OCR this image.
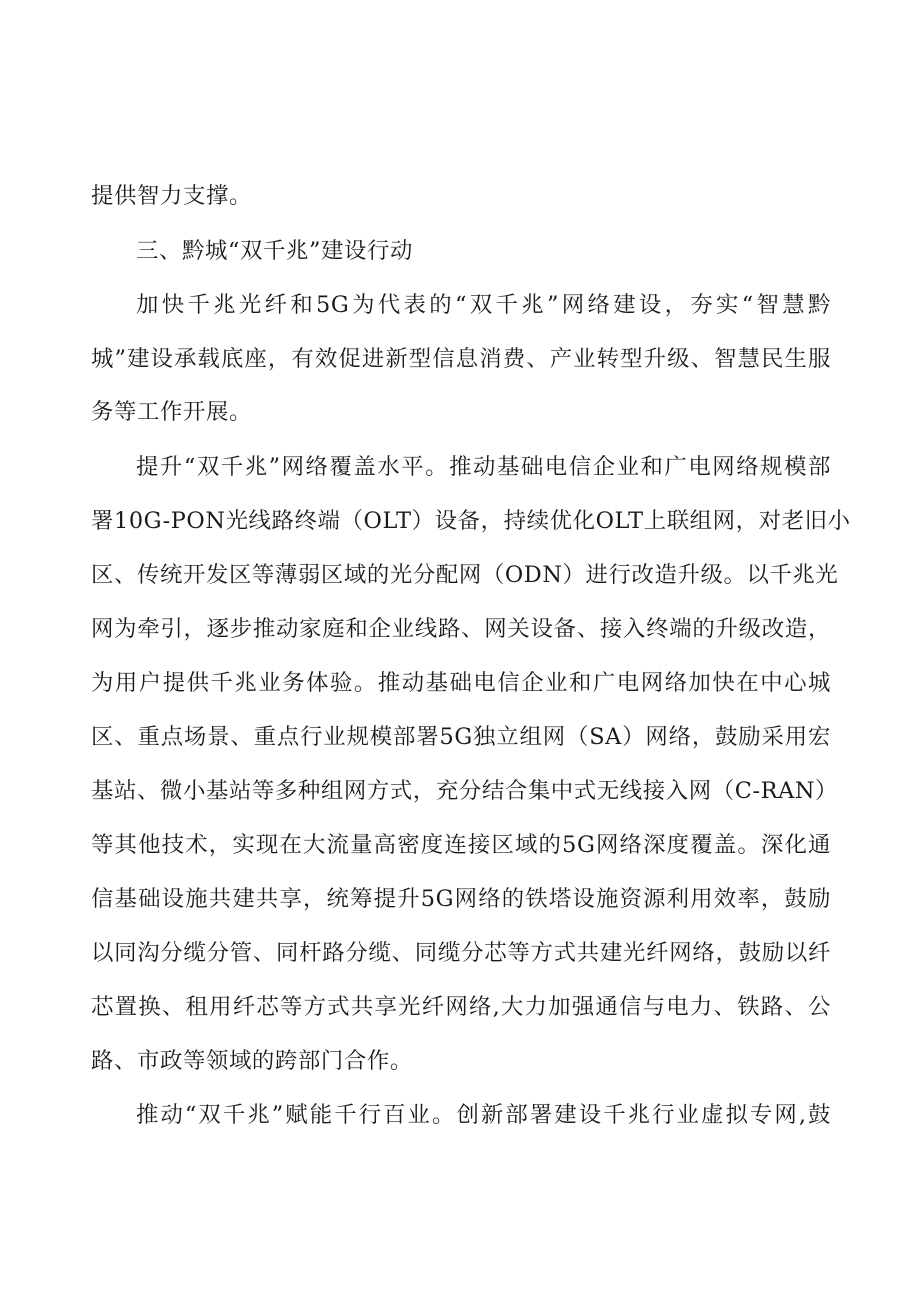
提供智力支撑。
三、黔城“双千兆”建设行动
加快千兆光纤和5G为代表的“双千兆”网络建设，夯实“智慧黔
城”建设承载底座，有效促进新型信息消费、产业转型升级、智慧民生服
务等工作开展。
提升“双千兆”网络覆盖水平。推动基础电信企业和广电网络规模部
署10G-PON光线路终端（OLT）设备，持续优化OLT上联组网，对老旧小
区、传统开发区等薄弱区域的光分配网（ODN）进行改造升级。以千兆光
网为牵引，逐步推动家庭和企业线路、网关设备、接入终端的升级改造，
为用户提供千兆业务体验。推动基础电信企业和广电网络加快在中心城
区、重点场景、重点行业规模部署5G独立组网（SA）网络，鼓励采用宏
基站、微小基站等多种组网方式，充分结合集中式无线接入网（C-RAN）
等其他技术，实现在大流量高密度连接区域的5G网络深度覆盖。深化通
信基础设施共建共享，统筹提升5G网络的铁塔设施资源利用效率，鼓励
以同沟分缆分管、同杆路分缆、同缆分芯等方式共建光纤网络，鼓励以纤
芯置换、租用纤芯等方式共享光纤网络,大力加强通信与电力、铁路、公
路、市政等领域的跨部门合作。
推动“双千兆”赋能千行百业。创新部署建设千兆行业虚拟专网,鼓
